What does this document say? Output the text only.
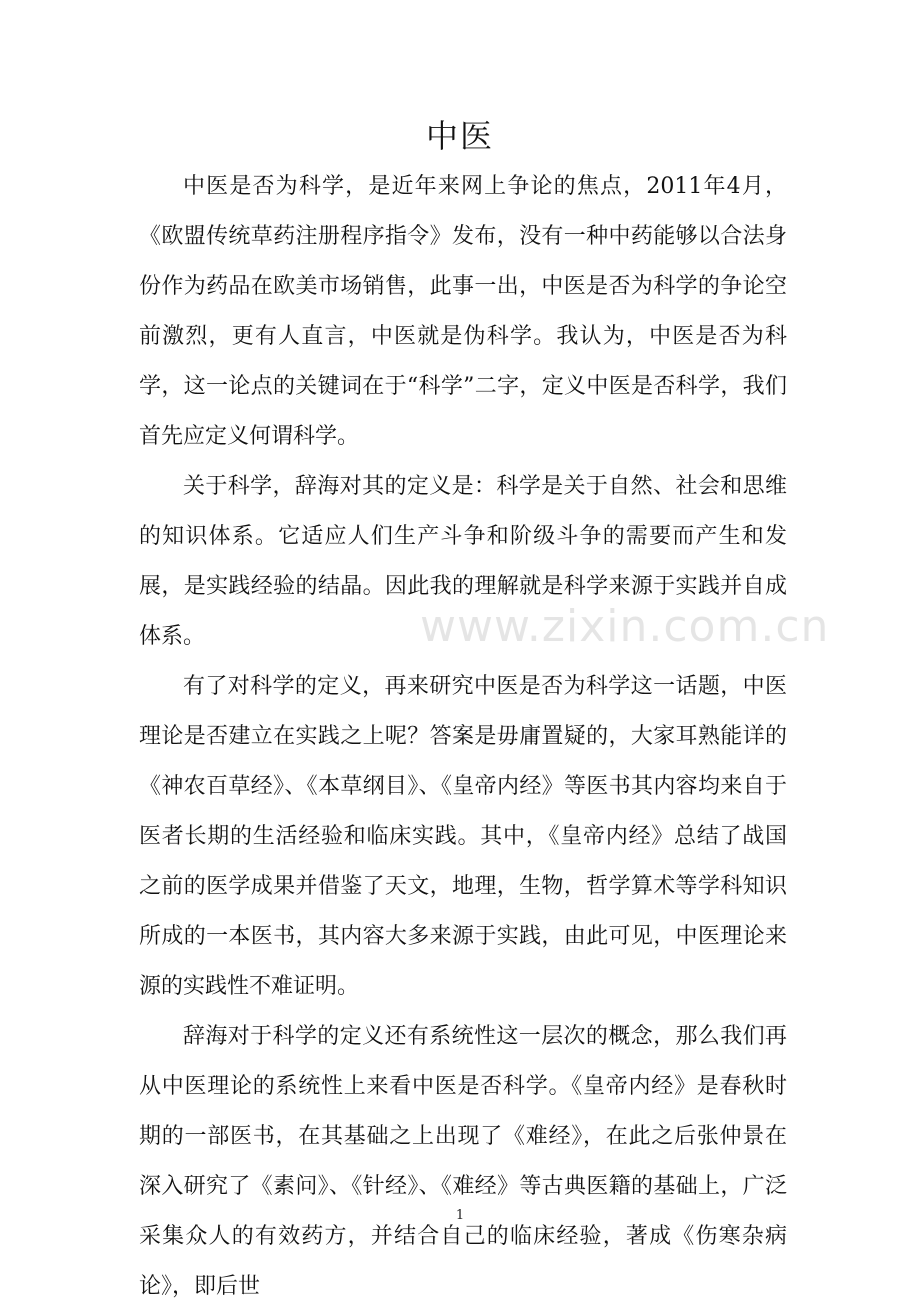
中医

中医是否为科学，是近年来网上争论的焦点，2011年4月，《欧盟传统草药注册程序指令》发布，没有一种中药能够以合法身份作为药品在欧美市场销售，此事一出，中医是否为科学的争论空前激烈，更有人直言，中医就是伪科学。我认为，中医是否为科学，这一论点的关键词在于“科学”二字，定义中医是否科学，我们首先应定义何谓科学。

关于科学，辞海对其的定义是：科学是关于自然、社会和思维的知识体系。它适应人们生产斗争和阶级斗争的需要而产生和发展，是实践经验的结晶。因此我的理解就是科学来源于实践并自成体系。

有了对科学的定义，再来研究中医是否为科学这一话题，中医理论是否建立在实践之上呢？答案是毋庸置疑的，大家耳熟能详的《神农百草经》、《本草纲目》、《皇帝内经》等医书其内容均来自于医者长期的生活经验和临床实践。其中，《皇帝内经》总结了战国之前的医学成果并借鉴了天文，地理，生物，哲学算术等学科知识所成的一本医书，其内容大多来源于实践，由此可见，中医理论来源的实践性不难证明。

辞海对于科学的定义还有系统性这一层次的概念，那么我们再从中医理论的系统性上来看中医是否科学。《皇帝内经》是春秋时期的一部医书，在其基础之上出现了《难经》，在此之后张仲景在深入研究了《素问》、《针经》、《难经》等古典医籍的基础上，广泛采集众人的有效药方，并结合自己的临床经验，著成《伤寒杂病论》，即后世

www.zixin.com.cn
1
